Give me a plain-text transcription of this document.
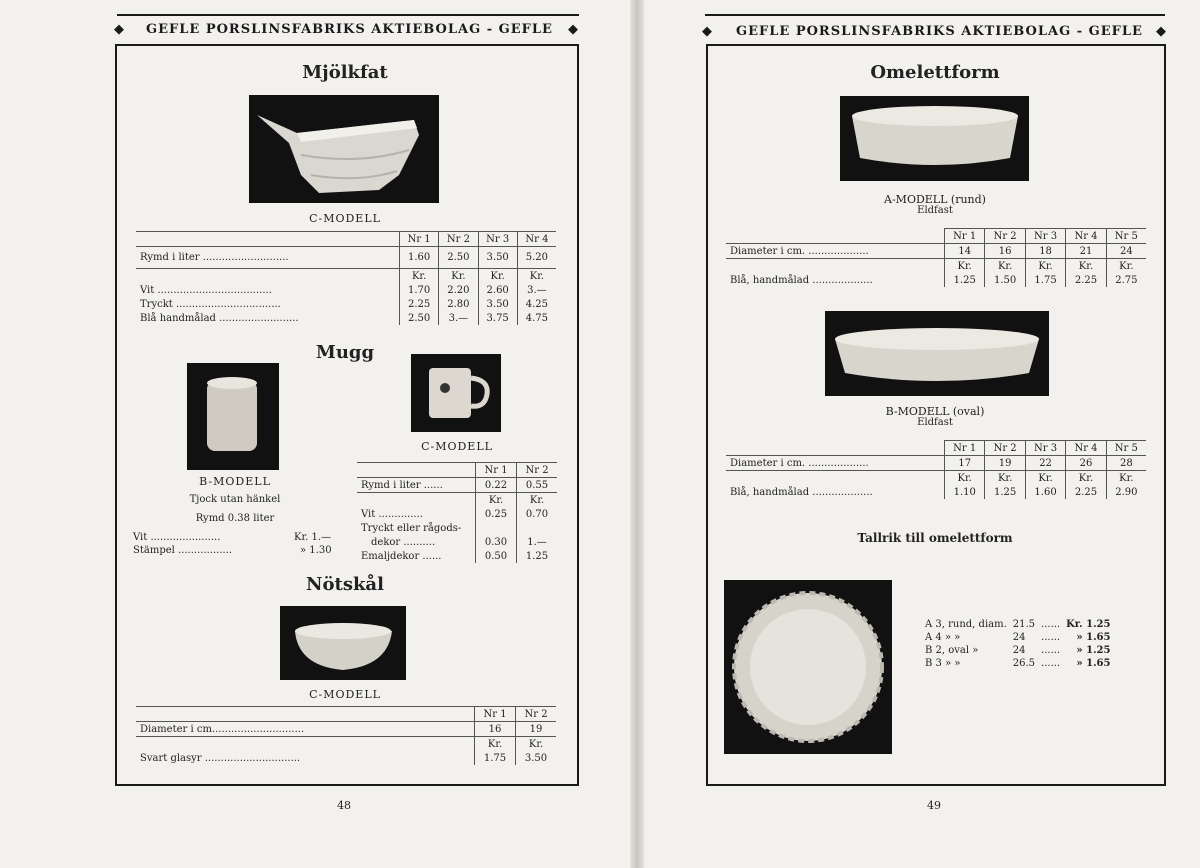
◆ GEFLE PORSLINSFABRIKS AKTIEBOLAG - GEFLE ◆
Mjölkfat
C-MODELL
	Nr 1	Nr 2	Nr 3	Nr 4
Rymd i liter ...........................	1.60	2.50	3.50	5.20
	Kr.	Kr.	Kr.	Kr.
Vit ....................................	1.70	2.20	2.60	3.—
Tryckt .................................	2.25	2.80	3.50	4.25
Blå handmålad .........................	2.50	3.—	3.75	4.75
Mugg
B-MODELL
Tjock utan hänkel
Rymd 0.38 liter
Vit ......................	Kr. 1.—
Stämpel .................	» 1.30
C-MODELL
	Nr 1	Nr 2
Rymd i liter ......	0.22	0.55
	Kr.	Kr.
Vit ..............	0.25	0.70
Tryckt eller rågods-		
dekor ..........	0.30	1.—
Emaljdekor ......	0.50	1.25
Nötskål
C-MODELL
	Nr 1	Nr 2
Diameter i cm.............................	16	19
	Kr.	Kr.
Svart glasyr ..............................	1.75	3.50
48
◆ GEFLE PORSLINSFABRIKS AKTIEBOLAG - GEFLE ◆
Omelettform
A-MODELL (rund)
Eldfast
	Nr 1	Nr 2	Nr 3	Nr 4	Nr 5
Diameter i cm. ...................	14	16	18	21	24
	Kr.	Kr.	Kr.	Kr.	Kr.
Blå, handmålad ...................	1.25	1.50	1.75	2.25	2.75
B-MODELL (oval)
Eldfast
	Nr 1	Nr 2	Nr 3	Nr 4	Nr 5
Diameter i cm. ...................	17	19	22	26	28
	Kr.	Kr.	Kr.	Kr.	Kr.
Blå, handmålad ...................	1.10	1.25	1.60	2.25	2.90
Tallrik till omelettform
A 3, rund, diam.	21.5	......	Kr. 1.25
A 4 » »	24	......	» 1.65
B 2, oval »	24	......	» 1.25
B 3 » »	26.5	......	» 1.65
49
